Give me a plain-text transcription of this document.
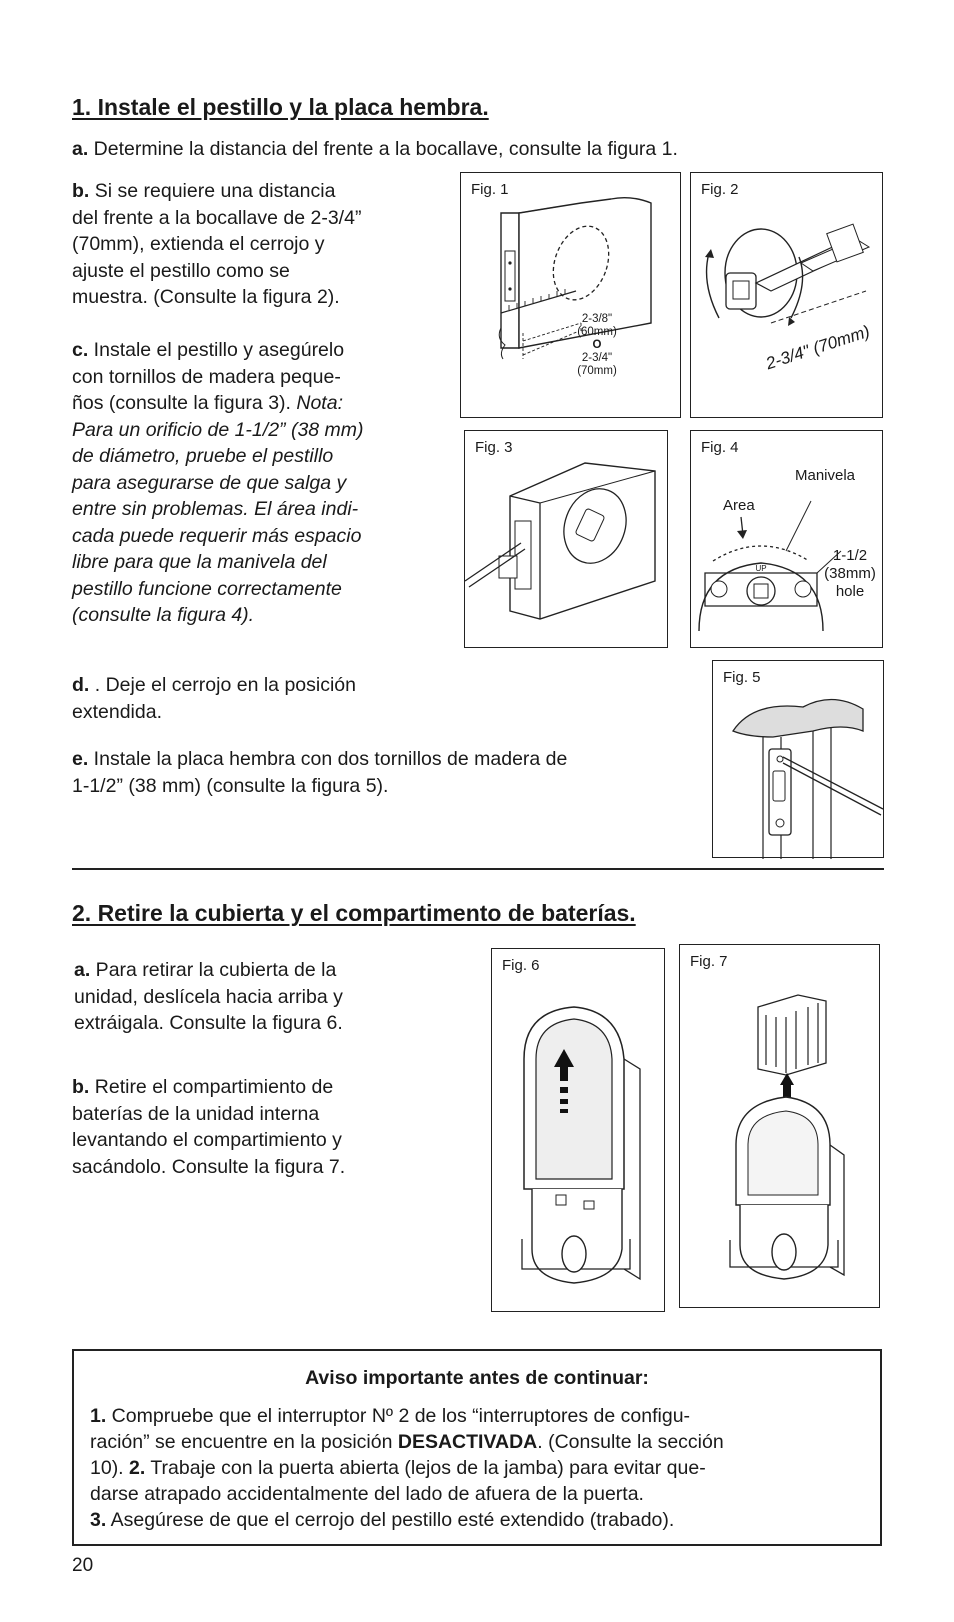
1. Instale el pestillo y la placa hembra.
a. Determine la distancia del frente a la bocallave, consulte la figura 1.
b. Si se requiere una distancia
del frente a la bocallave de 2-3/4”
(70mm), extienda el cerrojo y
ajuste el pestillo como se
muestra. (Consulte la figura 2).
c. Instale el pestillo y asegúrelo
con tornillos de madera peque-
ños (consulte la figura 3). Nota:
Para un orificio de 1-1/2” (38 mm)
de diámetro, pruebe el pestillo
para asegurarse de que salga y
entre sin problemas. El área indi-
cada puede requerir más espacio
libre para que la manivela del
pestillo funcione correctamente
(consulte la figura 4).
d. . Deje el cerrojo en la posición
extendida.
e. Instale la placa hembra con dos tornillos de madera de
1-1/2” (38 mm) (consulte la figura 5).
Fig. 1
2-3/8"
(60mm)
O
2-3/4"
(70mm)
Fig. 2
2-3/4" (70mm)
Fig. 3	Fig. 4
Manivela
Area
UP
1-1/2
(38mm)
hole
Fig. 5
2. Retire la cubierta y el compartimento de baterías.
a. Para retirar la cubierta de la
unidad, deslícela hacia arriba y
extráigala. Consulte la figura 6.
b. Retire el compartimiento de
baterías de la unidad interna
levantando el compartimiento y
sacándolo. Consulte la figura 7.
Fig. 6	Fig. 7
Aviso importante antes de continuar:
1. Compruebe que el interruptor Nº 2 de los “interruptores de configu-
ración” se encuentre en la posición DESACTIVADA. (Consulte la sección
10). 2. Trabaje con la puerta abierta (lejos de la jamba) para evitar que-
darse atrapado accidentalmente del lado de afuera de la puerta.
3. Asegúrese de que el cerrojo del pestillo esté extendido (trabado).
20
